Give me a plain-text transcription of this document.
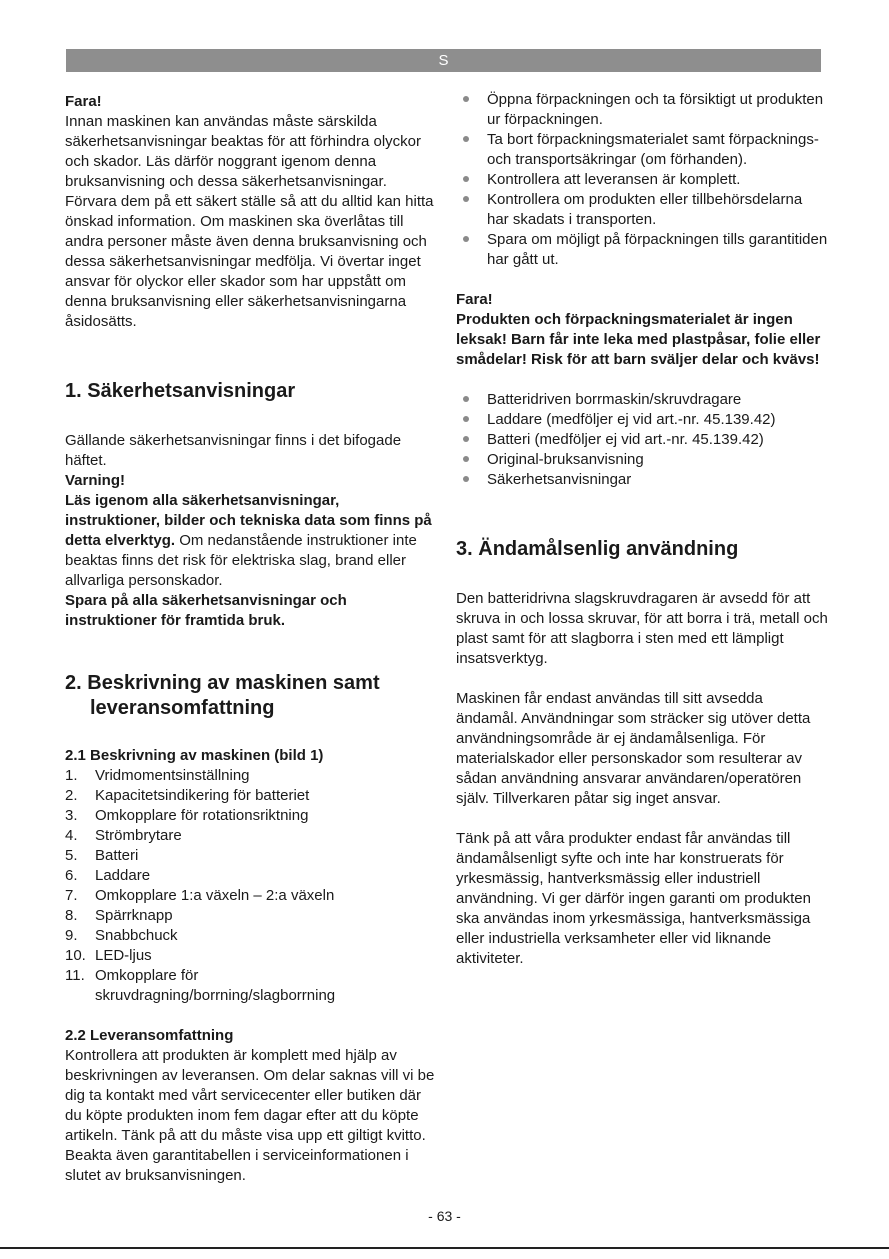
S

Fara!

Innan maskinen kan användas måste särskilda säkerhetsanvisningar beaktas för att förhindra olyckor och skador. Läs därför noggrant igenom denna bruksanvisning och dessa säkerhetsanvisningar. Förvara dem på ett säkert ställe så att du alltid kan hitta önskad information. Om maskinen ska överlåtas till andra personer måste även denna bruksanvisning och dessa säkerhetsanvisningar medfölja. Vi övertar inget ansvar för olyckor eller skador som har uppstått om denna bruksanvisning eller säkerhetsanvisningarna åsidosätts.

1. Säkerhetsanvisningar

Gällande säkerhetsanvisningar finns i det bifogade häftet.

Varning!

Läs igenom alla säkerhetsanvisningar, instruktioner, bilder och tekniska data som finns på detta elverktyg. Om nedanstående instruktioner inte beaktas finns det risk för elektriska slag, brand eller allvarliga personskador.

Spara på alla säkerhetsanvisningar och instruktioner för framtida bruk.

2. Beskrivning av maskinen samt
leveransomfattning

2.1 Beskrivning av maskinen (bild 1)

1. Vridmomentsinställning
2. Kapacitetsindikering för batteriet
3. Omkopplare för rotationsriktning
4. Strömbrytare
5. Batteri
6. Laddare
7. Omkopplare 1:a växeln – 2:a växeln
8. Spärrknapp
9. Snabbchuck
10. LED-ljus
11. Omkopplare för skruvdragning/borrning/slagborrning

2.2 Leveransomfattning

Kontrollera att produkten är komplett med hjälp av beskrivningen av leveransen. Om delar saknas vill vi be dig ta kontakt med vårt servicecenter eller butiken där du köpte produkten inom fem dagar efter att du köpte artikeln. Tänk på att du måste visa upp ett giltigt kvitto. Beakta även garantitabellen i serviceinformationen i slutet av bruksanvisningen.

Öppna förpackningen och ta försiktigt ut produkten ur förpackningen.
Ta bort förpackningsmaterialet samt förpacknings- och transportsäkringar (om förhanden).
Kontrollera att leveransen är komplett.
Kontrollera om produkten eller tillbehörsdelarna har skadats i transporten.
Spara om möjligt på förpackningen tills garantitiden har gått ut.

Fara!

Produkten och förpackningsmaterialet är ingen leksak! Barn får inte leka med plastpåsar, folie eller smådelar! Risk för att barn sväljer delar och kvävs!

Batteridriven borrmaskin/skruvdragare
Laddare (medföljer ej vid art.-nr. 45.139.42)
Batteri (medföljer ej vid art.-nr. 45.139.42)
Original-bruksanvisning
Säkerhetsanvisningar
3. Ändamålsenlig användning

Den batteridrivna slagskruvdragaren är avsedd för att skruva in och lossa skruvar, för att borra i trä, metall och plast samt för att slagborra i sten med ett lämpligt insatsverktyg.

Maskinen får endast användas till sitt avsedda ändamål. Användningar som sträcker sig utöver detta användningsområde är ej ändamålsenliga. För materialskador eller personskador som resulterar av sådan användning ansvarar användaren/operatören själv. Tillverkaren påtar sig inget ansvar.

Tänk på att våra produkter endast får användas till ändamålsenligt syfte och inte har konstruerats för yrkesmässig, hantverksmässig eller industriell användning. Vi ger därför ingen garanti om produkten ska användas inom yrkesmässiga, hantverksmässiga eller industriella verksamheter eller vid liknande aktiviteter.

- 63 -
